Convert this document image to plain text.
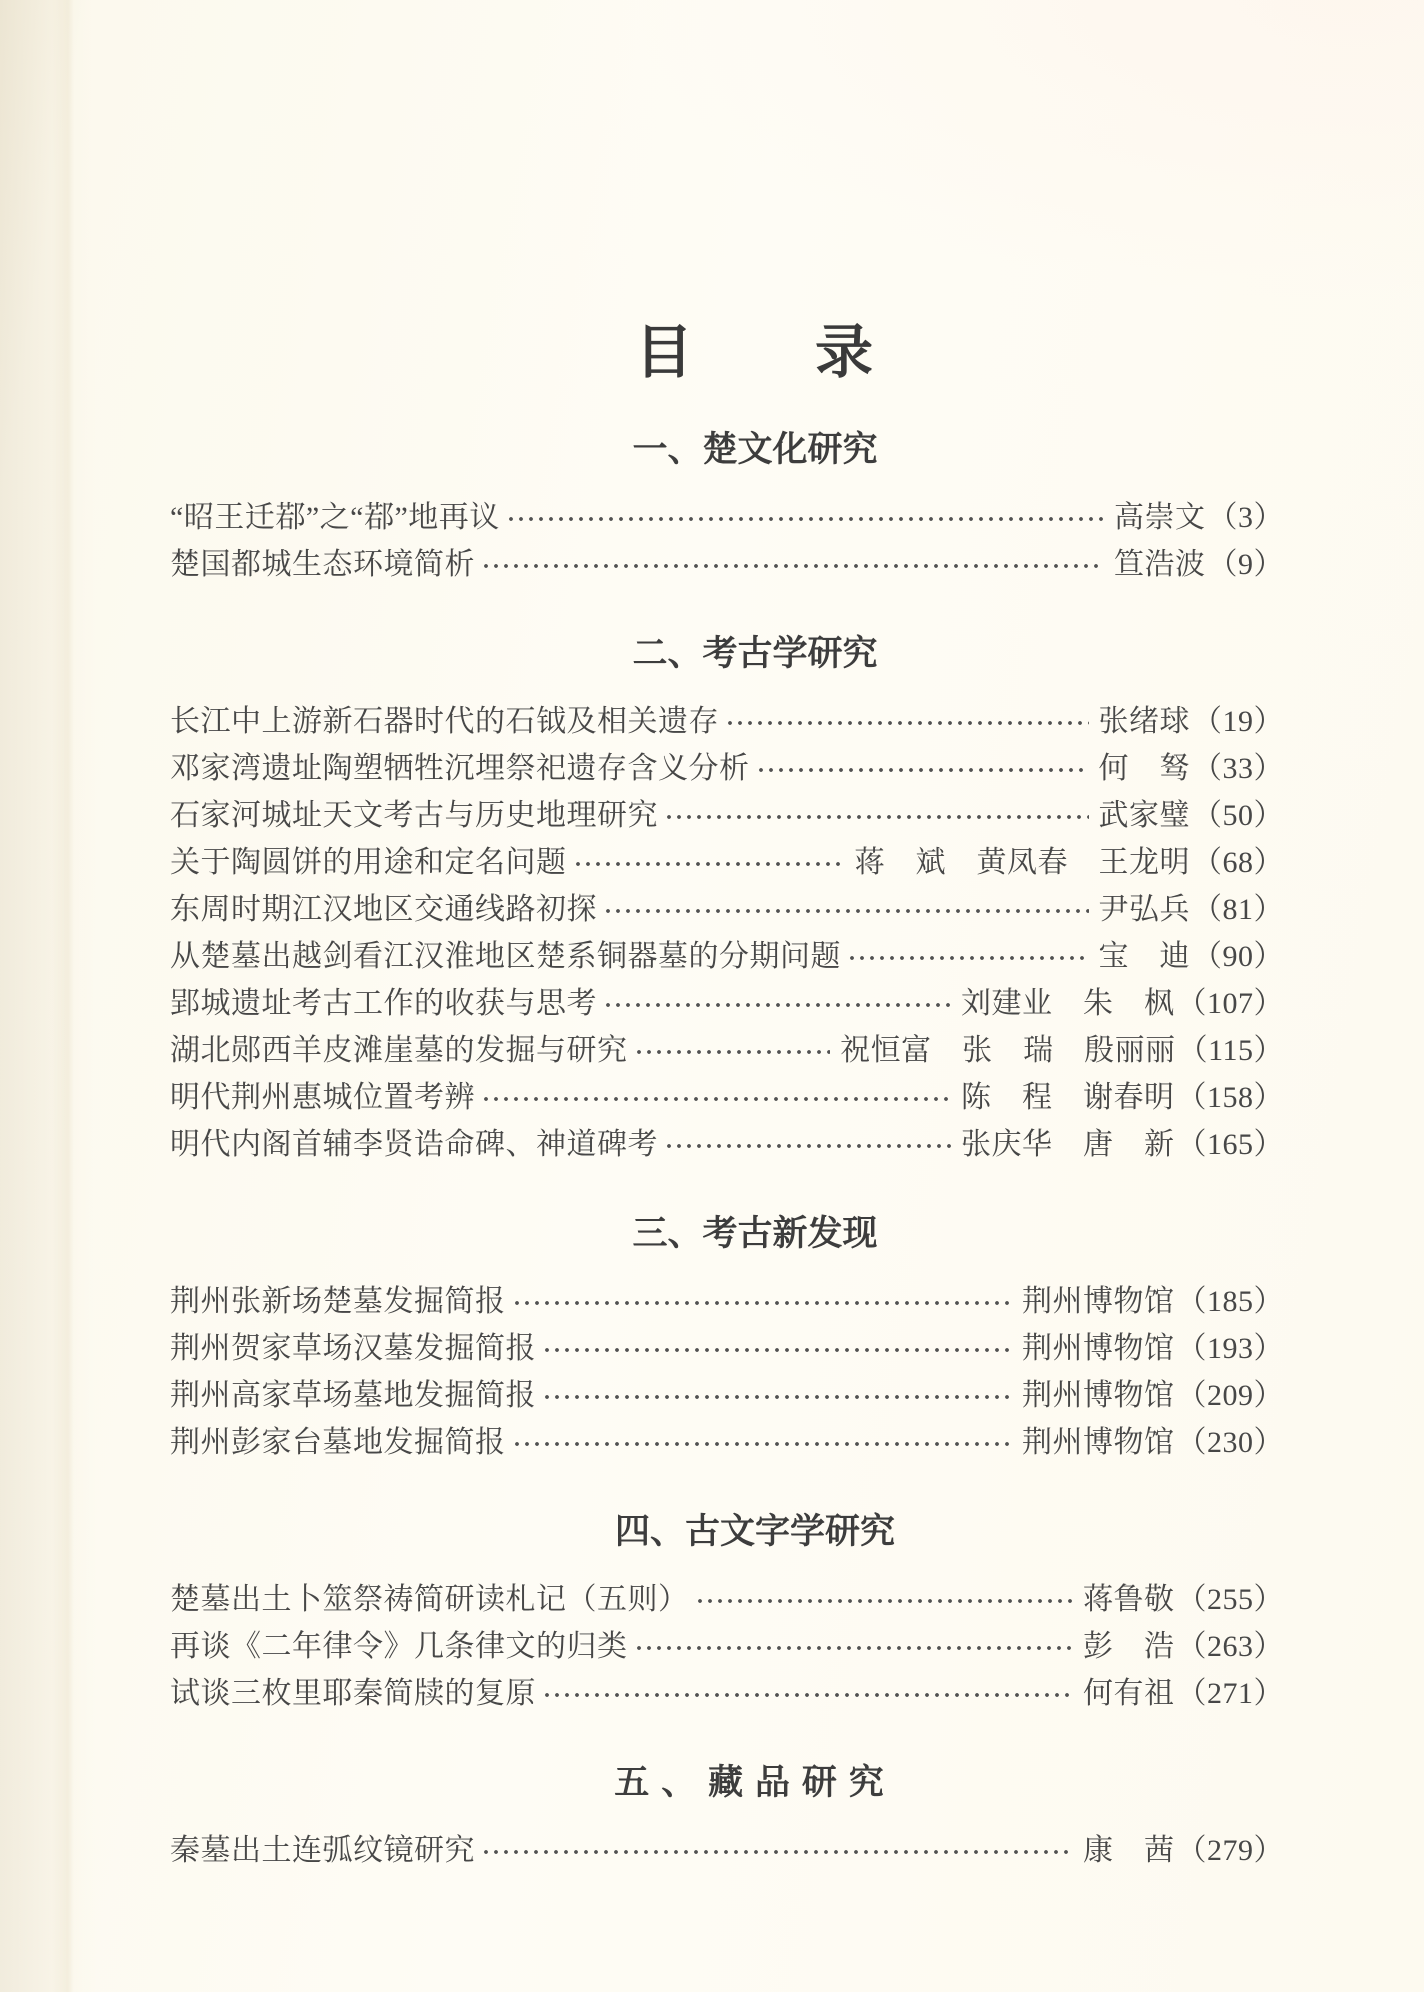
目　　录
一、楚文化研究
“昭王迁鄀”之“鄀”地再议	高崇文（3）
楚国都城生态环境简析	笪浩波（9）
二、考古学研究
长江中上游新石器时代的石钺及相关遗存	张绪球（19）
邓家湾遗址陶塑牺牲沉埋祭祀遗存含义分析	何　驽（33）
石家河城址天文考古与历史地理研究	武家璧（50）
关于陶圆饼的用途和定名问题	蒋　斌　黄凤春　王龙明（68）
东周时期江汉地区交通线路初探	尹弘兵（81）
从楚墓出越剑看江汉淮地区楚系铜器墓的分期问题	宝　迪（90）
郢城遗址考古工作的收获与思考	刘建业　朱　枫（107）
湖北郧西羊皮滩崖墓的发掘与研究	祝恒富　张　瑞　殷丽丽（115）
明代荆州惠城位置考辨	陈　程　谢春明（158）
明代内阁首辅李贤诰命碑、神道碑考	张庆华　唐　新（165）
三、考古新发现
荆州张新场楚墓发掘简报	荆州博物馆（185）
荆州贺家草场汉墓发掘简报	荆州博物馆（193）
荆州高家草场墓地发掘简报	荆州博物馆（209）
荆州彭家台墓地发掘简报	荆州博物馆（230）
四、古文字学研究
楚墓出土卜筮祭祷简研读札记（五则）	蒋鲁敬（255）
再谈《二年律令》几条律文的归类	彭　浩（263）
试谈三枚里耶秦简牍的复原	何有祖（271）
五、藏品研究
秦墓出土连弧纹镜研究	康　茜（279）
